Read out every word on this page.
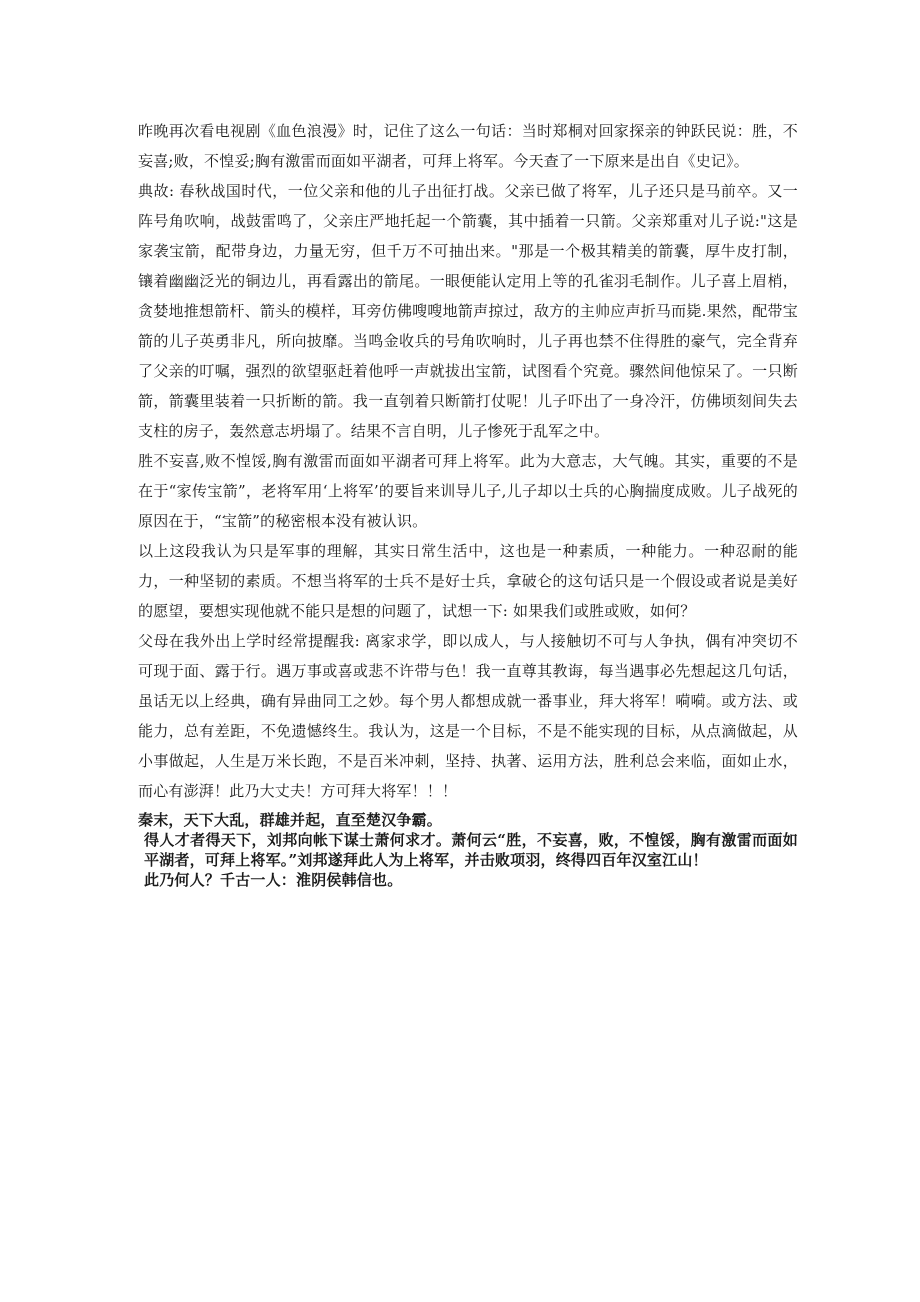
昨晚再次看电视剧《血色浪漫》时，记住了这么一句话：当时郑桐对回家探亲的钟跃民说：胜，不妄喜;败，不惶妥;胸有激雷而面如平湖者，可拜上将军。今天查了一下原来是出自《史记》。

典故: 春秋战国时代，一位父亲和他的儿子出征打战。父亲已做了将军，儿子还只是马前卒。又一阵号角吹响，战鼓雷鸣了，父亲庄严地托起一个箭囊，其中插着一只箭。父亲郑重对儿子说:"这是家袭宝箭，配带身边，力量无穷，但千万不可抽出来。"那是一个极其精美的箭囊，厚牛皮打制，镶着幽幽泛光的铜边儿，再看露出的箭尾。一眼便能认定用上等的孔雀羽毛制作。儿子喜上眉梢，贪婪地推想箭杆、箭头的模样，耳旁仿佛嗖嗖地箭声掠过，敌方的主帅应声折马而毙.果然，配带宝箭的儿子英勇非凡，所向披靡。当鸣金收兵的号角吹响时，儿子再也禁不住得胜的豪气，完全背弃了父亲的叮嘱，强烈的欲望驱赶着他呼一声就拔出宝箭，试图看个究竟。骤然间他惊呆了。一只断箭，箭囊里装着一只折断的箭。我一直刳着只断箭打仗呢！儿子吓出了一身冷汗，仿佛顷刻间失去支柱的房子，轰然意志坍塌了。结果不言自明，儿子惨死于乱军之中。

胜不妄喜,败不惶馁,胸有激雷而面如平湖者可拜上将军。此为大意志，大气魄。其实，重要的不是在于“家传宝箭”，老将军用‘上将军’的要旨来训导儿子,儿子却以士兵的心胸揣度成败。儿子战死的原因在于，“宝箭”的秘密根本没有被认识。

以上这段我认为只是军事的理解，其实日常生活中，这也是一种素质，一种能力。一种忍耐的能力，一种坚韧的素质。不想当将军的士兵不是好士兵，拿破仑的这句话只是一个假设或者说是美好的愿望，要想实现他就不能只是想的问题了，试想一下: 如果我们或胜或败，如何？

父母在我外出上学时经常提醒我: 离家求学，即以成人，与人接触切不可与人争执，偶有冲突切不可现于面、露于行。遇万事或喜或悲不许带与色！我一直尊其教诲，每当遇事必先想起这几句话，虽话无以上经典，确有异曲同工之妙。每个男人都想成就一番事业，拜大将军！嗬嗬。或方法、或能力，总有差距，不免遗憾终生。我认为，这是一个目标，不是不能实现的目标，从点滴做起，从小事做起，人生是万米长跑，不是百米冲刺，坚持、执著、运用方法，胜利总会来临，面如止水，而心有澎湃！此乃大丈夫！方可拜大将军！！！

秦末，天下大乱，群雄并起，直至楚汉争霸。

得人才者得天下，刘邦向帐下谋士萧何求才。萧何云“胜，不妄喜，败，不惶馁，胸有激雷而面如平湖者，可拜上将军。”刘邦遂拜此人为上将军，并击败项羽，终得四百年汉室江山！

此乃何人？千古一人：淮阴侯韩信也。
